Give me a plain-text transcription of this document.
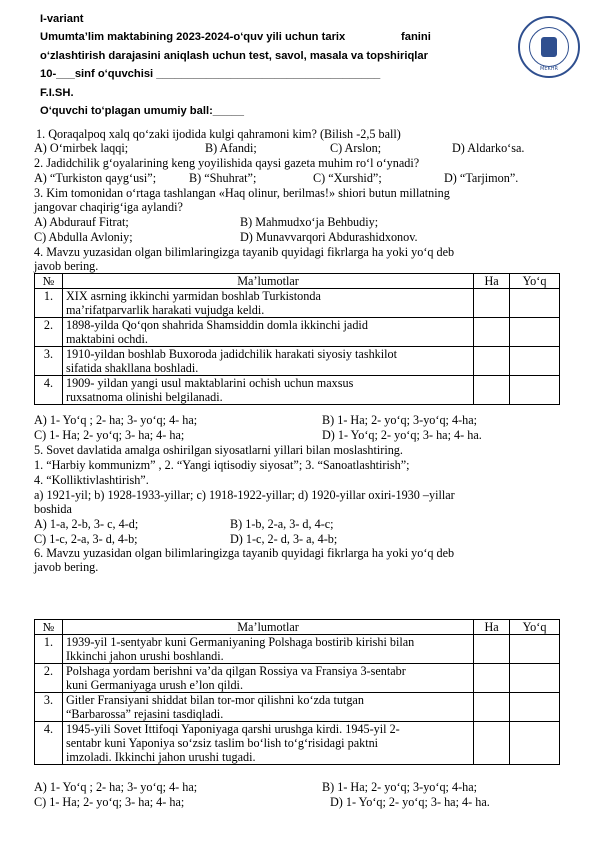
I-variant
Umumta’lim maktabining 2023-2024-o‘quv yili uchun tarix	fanini
o‘zlashtirish darajasini aniqlash uchun test, savol, masala va topshiriqlar
10-___sinf o‘quvchisi ____________________________________
F.I.SH.
O‘quvchi to‘plagan umumiy ball:_____
MEKHR
1. Qoraqalpoq xalq qo‘zaki ijodida kulgi qahramoni kim? (Bilish -2,5 ball)
A) O‘mirbek laqqi;	B) Afandi;	C) Arslon;	D) Aldarko‘sa.
2. Jadidchilik g‘oyalarining keng yoyilishida qaysi gazeta muhim ro‘l o‘ynadi?
A) “Turkiston qayg‘usi”;	B) “Shuhrat”;	C) “Xurshid”;	D) “Tarjimon”.
3. Kim tomonidan o‘rtaga tashlangan «Haq olinur, berilmas!» shiori butun millatning
jangovar chaqirig‘iga aylandi?
A) Abdurauf Fitrat;	B) Mahmudxo‘ja Behbudiy;
C) Abdulla Avloniy;	D) Munavvarqori Abdurashidxonov.
4. Mavzu yuzasidan olgan bilimlaringizga tayanib quyidagi fikrlarga ha yoki yo‘q deb
javob bering.
№	Ma’lumotlar	Ha	Yo‘q
1.	XIX asrning ikkinchi yarmidan boshlab Turkistonda
ma’rifatparvarlik harakati vujudga keldi.		

2.	1898-yilda Qo‘qon shahrida Shamsiddin domla ikkinchi jadid
maktabini ochdi.		

3.	1910-yildan boshlab Buxoroda jadidchilik harakati siyosiy tashkilot
sifatida shakllana boshladi.		

4.	1909- yildan yangi usul maktablarini ochish uchun maxsus
ruxsatnoma olinishi belgilanadi.		

A) 1- Yo‘q ; 2- ha; 3- yo‘q; 4- ha;	B) 1- Ha; 2- yo‘q; 3-yo‘q; 4-ha;
C) 1- Ha; 2- yo‘q; 3- ha; 4- ha;	D) 1- Yo‘q; 2- yo‘q; 3- ha; 4- ha.
5. Sovet davlatida amalga oshirilgan siyosatlarni yillari bilan moslashtiring.
1. “Harbiy kommunizm” , 2. “Yangi iqtisodiy siyosat”; 3. “Sanoatlashtirish”;
4. “Kolliktivlashtirish”.
a) 1921-yil; b) 1928-1933-yillar; c) 1918-1922-yillar; d) 1920-yillar oxiri-1930 –yillar
boshida
A) 1-a, 2-b, 3- c, 4-d;	B) 1-b, 2-a, 3- d, 4-c;
C) 1-c, 2-a, 3- d, 4-b;	D) 1-c, 2- d, 3- a, 4-b;
6. Mavzu yuzasidan olgan bilimlaringizga tayanib quyidagi fikrlarga ha yoki yo‘q deb
javob bering.
№	Ma’lumotlar	Ha	Yo‘q
1.	1939-yil 1-sentyabr kuni Germaniyaning Polshaga bostirib kirishi bilan
Ikkinchi jahon urushi boshlandi.		

2.	Polshaga yordam berishni va’da qilgan Rossiya va Fransiya 3-sentabr
kuni Germaniyaga urush e’lon qildi.		

3.	Gitler Fransiyani shiddat bilan tor-mor qilishni ko‘zda tutgan
“Barbarossa” rejasini tasdiqladi.		

4.	1945-yili Sovet Ittifoqi Yaponiyaga qarshi urushga kirdi. 1945-yil 2-
sentabr kuni Yaponiya so‘zsiz taslim bo‘lish to‘g‘risidagi paktni
imzoladi. Ikkinchi jahon urushi tugadi.		

A) 1- Yo‘q ; 2- ha; 3- yo‘q; 4- ha;	B) 1- Ha; 2- yo‘q; 3-yo‘q; 4-ha;
C) 1- Ha; 2- yo‘q; 3- ha; 4- ha;	D) 1- Yo‘q; 2- yo‘q; 3- ha; 4- ha.
